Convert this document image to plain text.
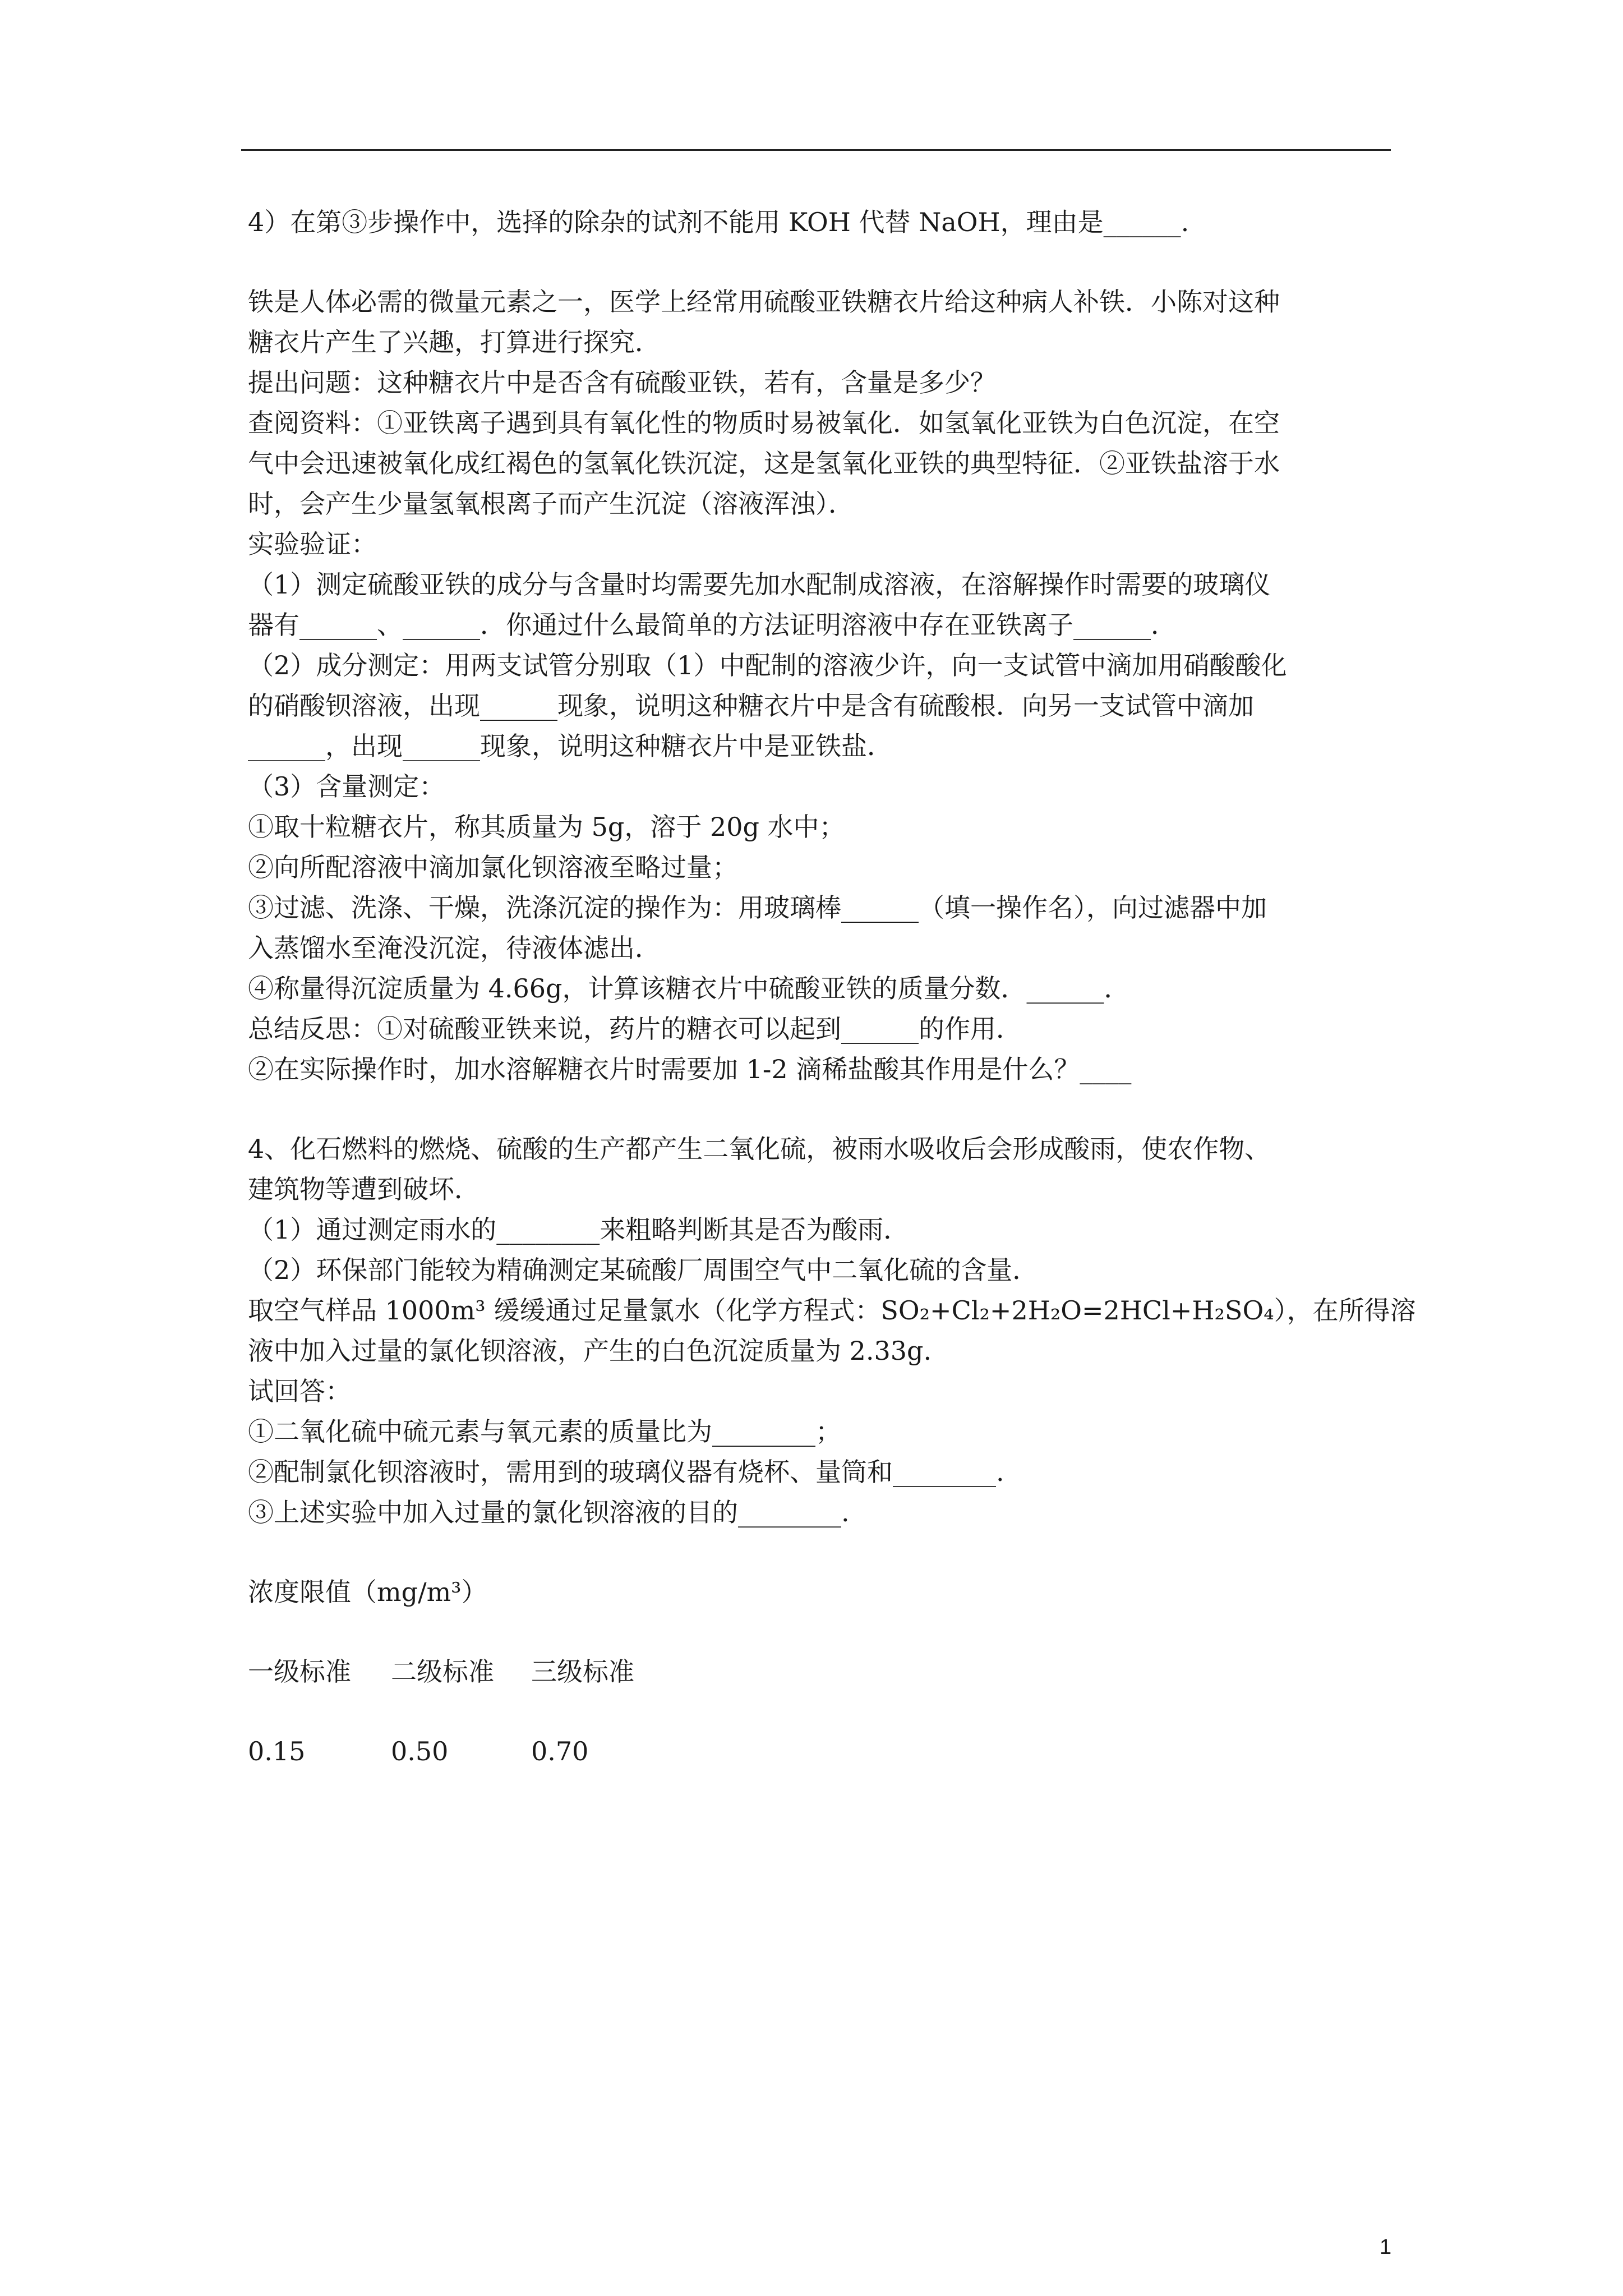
4）在第③步操作中，选择的除杂的试剂不能用 KOH 代替 NaOH，理由是______.
铁是人体必需的微量元素之一，医学上经常用硫酸亚铁糖衣片给这种病人补铁．小陈对这种
糖衣片产生了兴趣，打算进行探究．
提出问题：这种糖衣片中是否含有硫酸亚铁，若有，含量是多少？
查阅资料：①亚铁离子遇到具有氧化性的物质时易被氧化．如氢氧化亚铁为白色沉淀，在空
气中会迅速被氧化成红褐色的氢氧化铁沉淀，这是氢氧化亚铁的典型特征．②亚铁盐溶于水
时，会产生少量氢氧根离子而产生沉淀（溶液浑浊）．
实验验证：
（1）测定硫酸亚铁的成分与含量时均需要先加水配制成溶液，在溶解操作时需要的玻璃仪
器有______、______．你通过什么最简单的方法证明溶液中存在亚铁离子______．
（2）成分测定：用两支试管分别取（1）中配制的溶液少许，向一支试管中滴加用硝酸酸化
的硝酸钡溶液，出现______现象，说明这种糖衣片中是含有硫酸根．向另一支试管中滴加
______，出现______现象，说明这种糖衣片中是亚铁盐．
（3）含量测定：
①取十粒糖衣片，称其质量为 5g，溶于 20g 水中；
②向所配溶液中滴加氯化钡溶液至略过量；
③过滤、洗涤、干燥，洗涤沉淀的操作为：用玻璃棒______（填一操作名），向过滤器中加
入蒸馏水至淹没沉淀，待液体滤出．
④称量得沉淀质量为 4.66g，计算该糖衣片中硫酸亚铁的质量分数．______．
总结反思：①对硫酸亚铁来说，药片的糖衣可以起到______的作用．
②在实际操作时，加水溶解糖衣片时需要加 1-2 滴稀盐酸其作用是什么？____
4、化石燃料的燃烧、硫酸的生产都产生二氧化硫，被雨水吸收后会形成酸雨，使农作物、
建筑物等遭到破坏．
（1）通过测定雨水的________来粗略判断其是否为酸雨．
（2）环保部门能较为精确测定某硫酸厂周围空气中二氧化硫的含量．
取空气样品 1000m³ 缓缓通过足量氯水（化学方程式：SO₂+Cl₂+2H₂O=2HCl+H₂SO₄），在所得溶
液中加入过量的氯化钡溶液，产生的白色沉淀质量为 2.33g.
试回答：
①二氧化硫中硫元素与氧元素的质量比为________；
②配制氯化钡溶液时，需用到的玻璃仪器有烧杯、量筒和________.
③上述实验中加入过量的氯化钡溶液的目的________.
浓度限值（mg/m³）
一级标准 二级标准 三级标准
0.15	0.50	0.70
1
